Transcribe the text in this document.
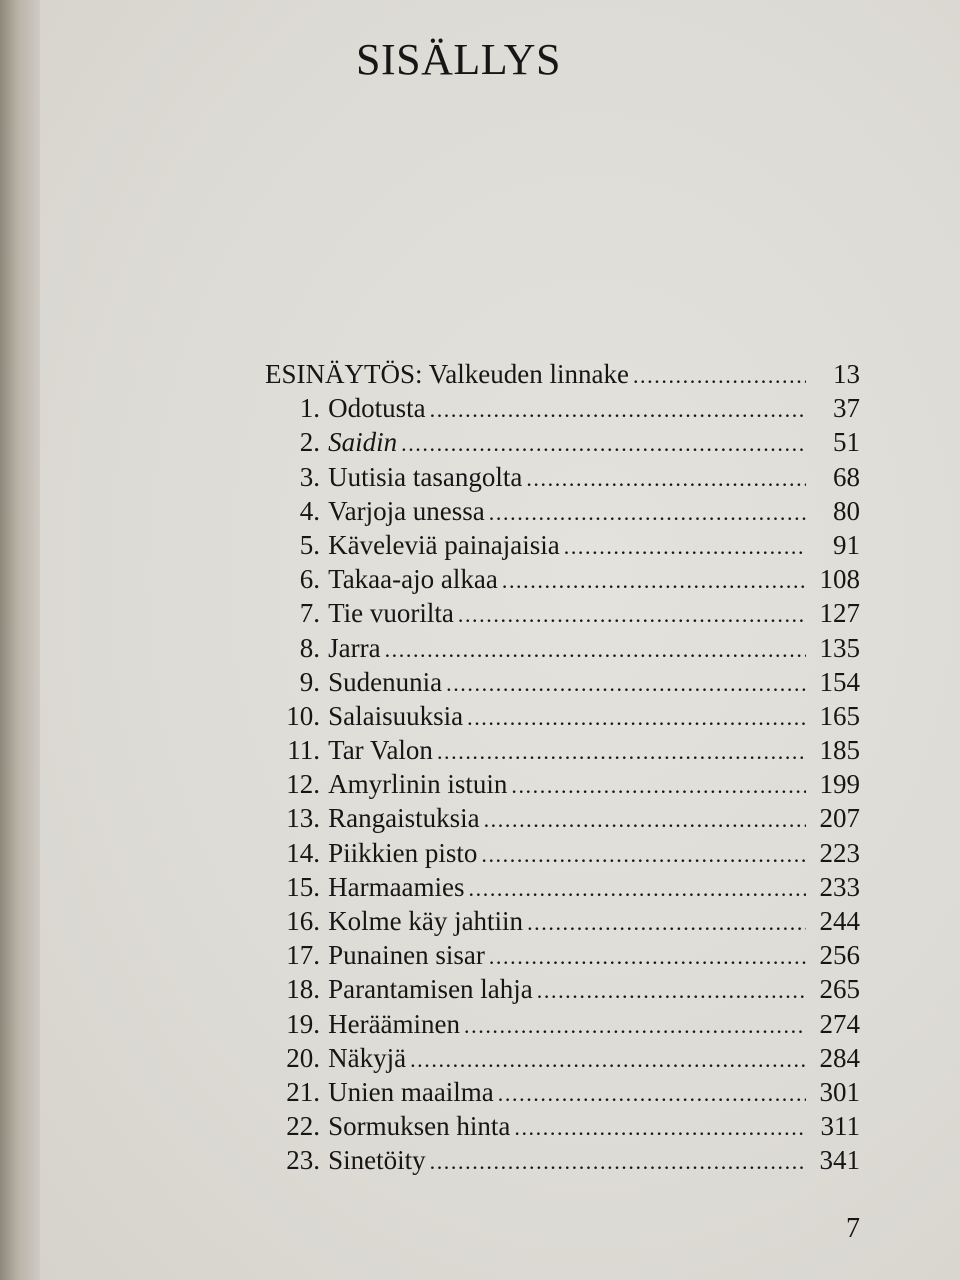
SISÄLLYS
ESINÄYTÖS: Valkeuden linnake .....	13
1. Odotusta .....	37
2. Saidin .....	51
3. Uutisia tasangolta .....	68
4. Varjoja unessa .....	80
5. Käveleviä painajaisia .....	91
6. Takaa-ajo alkaa .....	108
7. Tie vuorilta .....	127
8. Jarra .....	135
9. Sudenunia .....	154
10. Salaisuuksia .....	165
11. Tar Valon .....	185
12. Amyrlinin istuin .....	199
13. Rangaistuksia .....	207
14. Piikkien pisto .....	223
15. Harmaamies .....	233
16. Kolme käy jahtiin .....	244
17. Punainen sisar .....	256
18. Parantamisen lahja .....	265
19. Herääminen .....	274
20. Näkyjä .....	284
21. Unien maailma .....	301
22. Sormuksen hinta .....	311
23. Sinetöity .....	341
7
